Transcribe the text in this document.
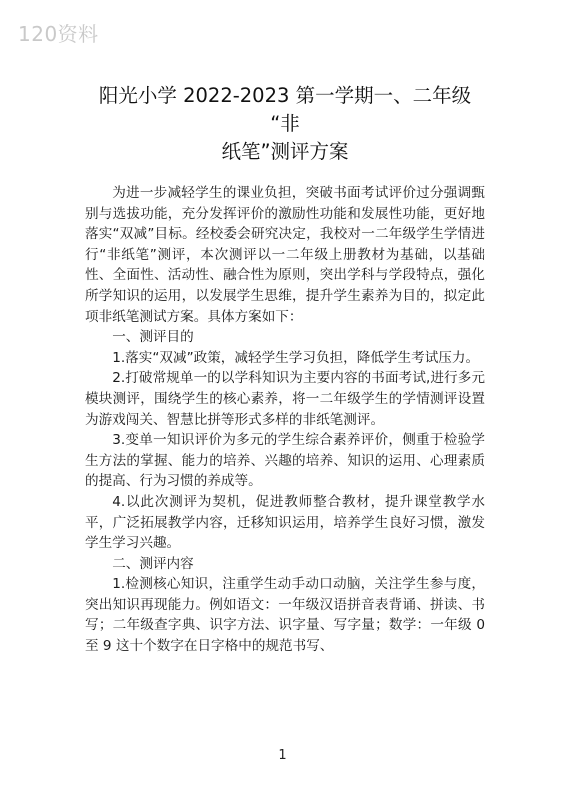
120资料
阳光小学 2022-2023 第一学期一、二年级
“非
纸笔”测评方案

为进一步减轻学生的课业负担，突破书面考试评价过分强调甄别与选拔功能，充分发挥评价的激励性功能和发展性功能，更好地落实“双减”目标。经校委会研究决定，我校对一二年级学生学情进行“非纸笔”测评，本次测评以一二年级上册教材为基础，以基础性、全面性、活动性、融合性为原则，突出学科与学段特点，强化所学知识的运用，以发展学生思维，提升学生素养为目的，拟定此项非纸笔测试方案。具体方案如下：

一、测评目的

1.落实“双减”政策，减轻学生学习负担，降低学生考试压力。

2.打破常规单一的以学科知识为主要内容的书面考试,进行多元模块测评，围绕学生的核心素养，将一二年级学生的学情测评设置为游戏闯关、智慧比拼等形式多样的非纸笔测评。

3.变单一知识评价为多元的学生综合素养评价，侧重于检验学生方法的掌握、能力的培养、兴趣的培养、知识的运用、心理素质的提高、行为习惯的养成等。

4.以此次测评为契机，促进教师整合教材，提升课堂教学水平，广泛拓展教学内容，迁移知识运用，培养学生良好习惯，激发学生学习兴趣。

二、测评内容

1.检测核心知识，注重学生动手动口动脑，关注学生参与度，突出知识再现能力。例如语文：一年级汉语拼音表背诵、拼读、书写；二年级查字典、识字方法、识字量、写字量；数学：一年级 0 至 9 这十个数字在日字格中的规范书写、

1
